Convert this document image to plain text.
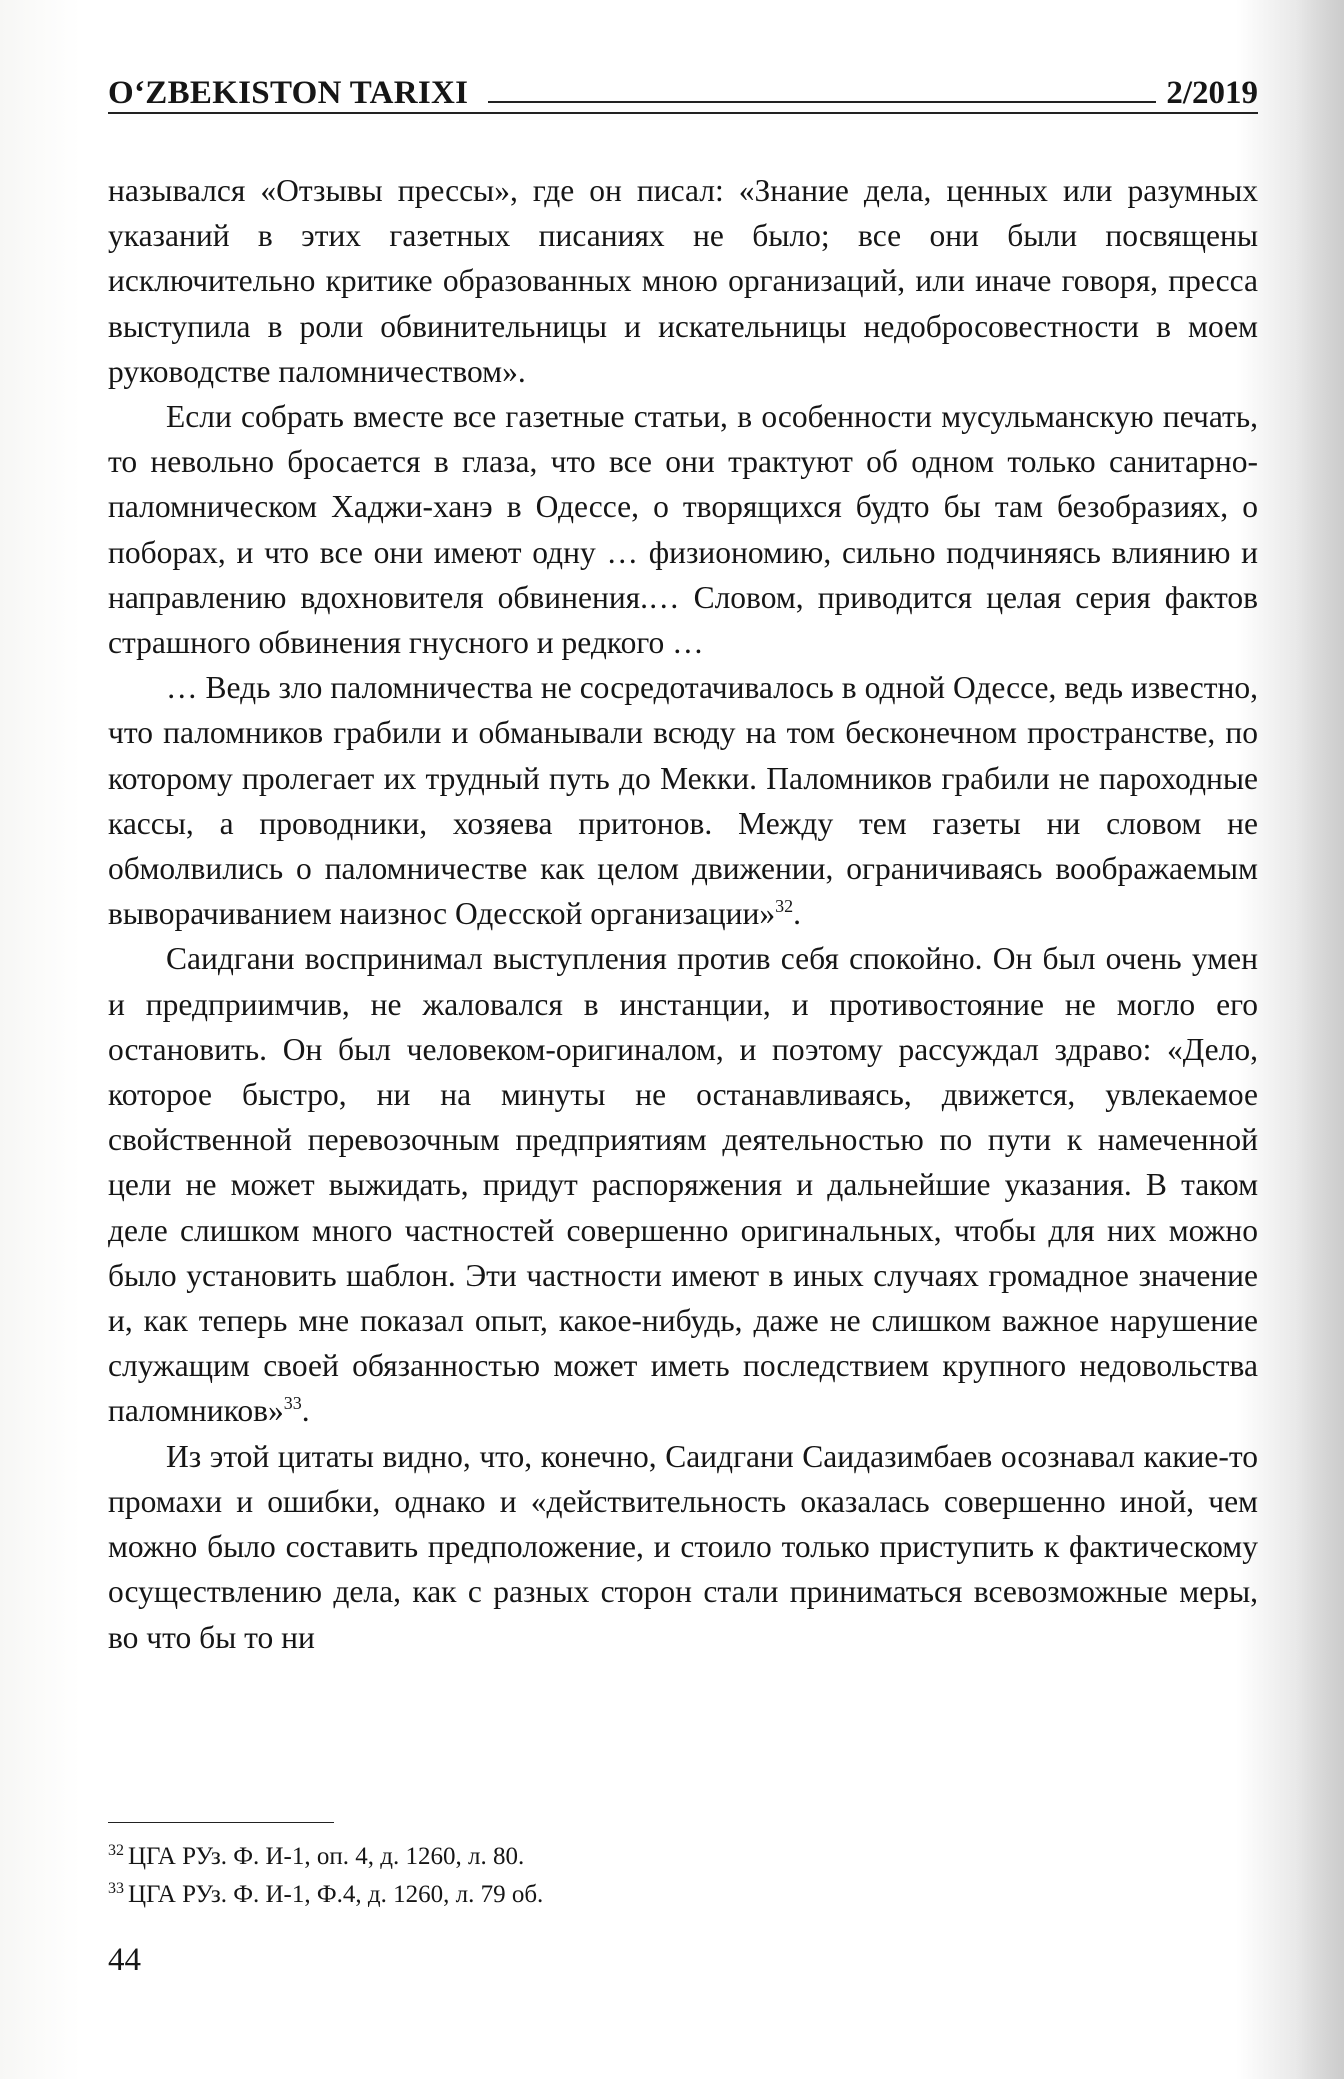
O‘ZBEKISTON TARIXI	2/2019

назывался «Отзывы прессы», где он писал: «Знание дела, ценных или разумных указаний в этих газетных писаниях не было; все они были посвящены исключительно критике образованных мною организаций, или иначе говоря, пресса выступила в роли обвинительницы и искательницы недобросовестности в моем руководстве паломничеством».

Если собрать вместе все газетные статьи, в особенности мусульманскую печать, то невольно бросается в глаза, что все они трактуют об одном только санитарно-паломническом Хаджи-ханэ в Одессе, о творящихся будто бы там безобразиях, о поборах, и что все они имеют одну … физиономию, сильно подчиняясь влиянию и направлению вдохновителя обвинения.… Словом, приводится целая серия фактов страшного обвинения гнусного и редкого …

… Ведь зло паломничества не сосредотачивалось в одной Одессе, ведь известно, что паломников грабили и обманывали всюду на том бесконечном пространстве, по которому пролегает их трудный путь до Мекки. Паломников грабили не пароходные кассы, а проводники, хозяева притонов. Между тем газеты ни словом не обмолвились о паломничестве как целом движении, ограничиваясь воображаемым выворачиванием наизнос Одесской организации»$^{32}$.

Саидгани воспринимал выступления против себя спокойно. Он был очень умен и предприимчив, не жаловался в инстанции, и противостояние не могло его остановить. Он был человеком-оригиналом, и поэтому рассуждал здраво: «Дело, которое быстро, ни на минуты не останавливаясь, движется, увлекаемое свойственной перевозочным предприятиям деятельностью по пути к намеченной цели не может выжидать, придут распоряжения и дальнейшие указания. В таком деле слишком много частностей совершенно оригинальных, чтобы для них можно было установить шаблон. Эти частности имеют в иных случаях громадное значение и, как теперь мне показал опыт, какое-нибудь, даже не слишком важное нарушение служащим своей обязанностью может иметь последствием крупного недовольства паломников»$^{33}$.

Из этой цитаты видно, что, конечно, Саидгани Саидазимбаев осознавал какие-то промахи и ошибки, однако и «действительность оказалась совершенно иной, чем можно было составить предположение, и стоило только приступить к фактическому осуществлению дела, как с разных сторон стали приниматься всевозможные меры, во что бы то ни

$^{32}$ ЦГА РУз. Ф. И-1, оп. 4, д. 1260, л. 80.

$^{33}$ ЦГА РУз. Ф. И-1, Ф.4, д. 1260, л. 79 об.

44
